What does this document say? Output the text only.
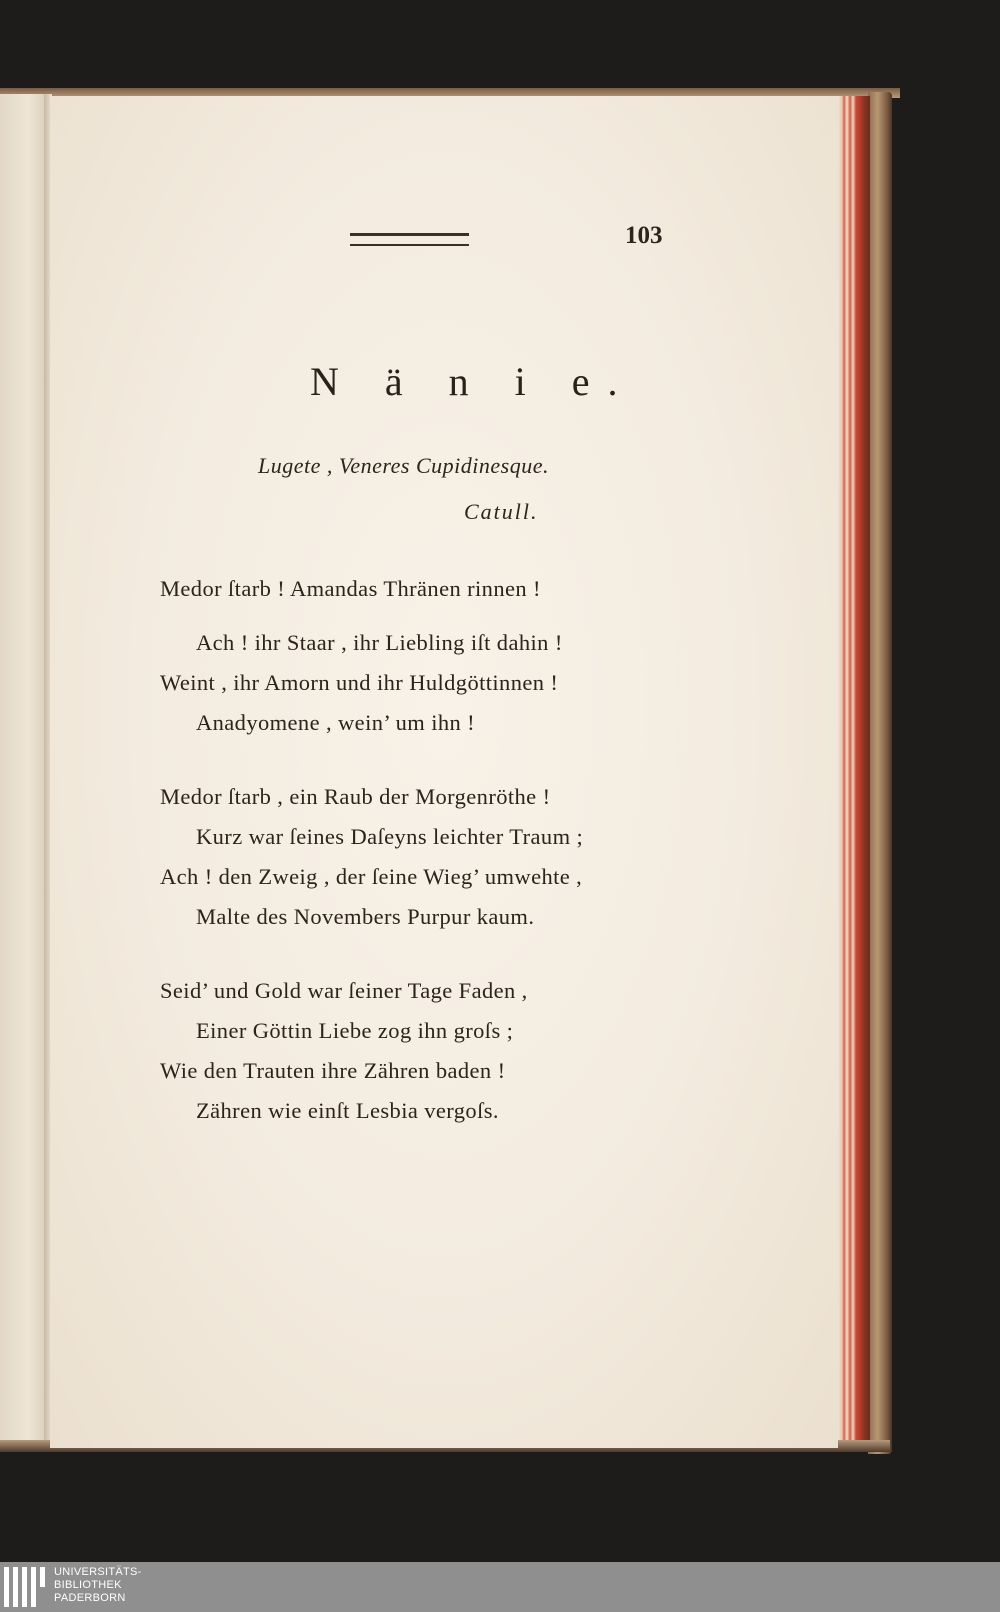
103
N ä n i e.
Lugete , Veneres Cupidinesque.
Catull.
Medor ſtarb ! Amandas Thränen rinnen !
Ach ! ihr Staar , ihr Liebling iſt dahin !
Weint , ihr Amorn und ihr Huldgöttinnen !
Anadyomene , wein’ um ihn !
Medor ſtarb , ein Raub der Morgenröthe !
Kurz war ſeines Daſeyns leichter Traum ;
Ach ! den Zweig , der ſeine Wieg’ umwehte ,
Malte des Novembers Purpur kaum.
Seid’ und Gold war ſeiner Tage Faden ,
Einer Göttin Liebe zog ihn groſs ;
Wie den Trauten ihre Zähren baden !
Zähren wie einſt Lesbia vergoſs.
UNIVERSITÄTS-
BIBLIOTHEK
PADERBORN
